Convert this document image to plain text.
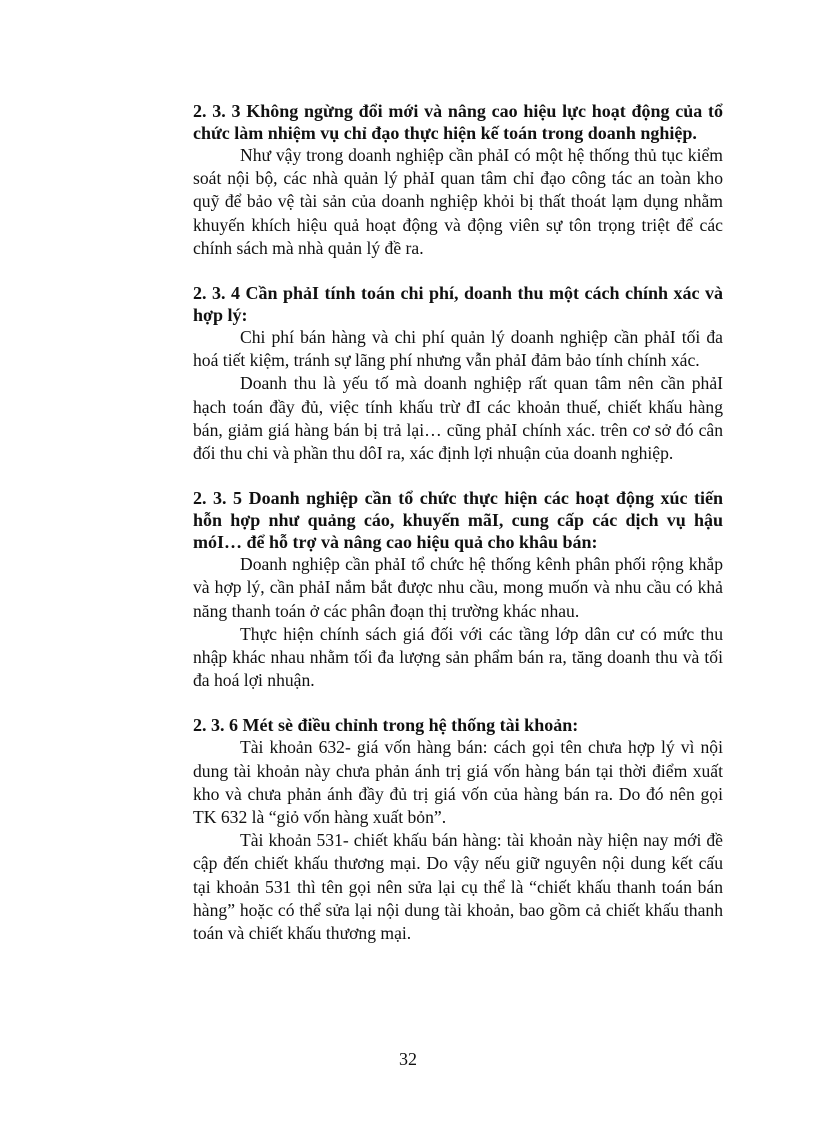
2. 3. 3 Không ngừng đổi mới và nâng cao hiệu lực hoạt động của tổ chức làm nhiệm vụ chỉ đạo thực hiện kế toán trong doanh nghiệp.

Như vậy trong doanh nghiệp cần phảI có một hệ thống thủ tục kiểm soát nội bộ, các nhà quản lý phảI quan tâm chỉ đạo công tác an toàn kho quỹ để bảo vệ tài sản của doanh nghiệp khỏi bị thất thoát lạm dụng nhằm khuyến khích hiệu quả hoạt động và động viên sự tôn trọng triệt để các chính sách mà nhà quản lý đề ra.

2. 3. 4 Cần phảI tính toán chi phí, doanh thu một cách chính xác và hợp lý:

Chi phí bán hàng và chi phí quản lý doanh nghiệp cần phảI tối đa hoá tiết kiệm, tránh sự lãng phí nhưng vẫn phảI đảm bảo tính chính xác.

Doanh thu là yếu tố mà doanh nghiệp rất quan tâm nên cần phảI hạch toán đầy đủ, việc tính khấu trừ đI các khoản thuế, chiết khấu hàng bán, giảm giá hàng bán bị trả lại… cũng phảI chính xác. trên cơ sở đó cân đối thu chi và phần thu dôI ra, xác định lợi nhuận của doanh nghiệp.

2. 3. 5 Doanh nghiệp cần tổ chức thực hiện các hoạt động xúc tiến hỗn hợp như quảng cáo, khuyến mãI, cung cấp các dịch vụ hậu móI… để hỗ trợ và nâng cao hiệu quả cho khâu bán:

Doanh nghiệp cần phảI tổ chức hệ thống kênh phân phối rộng khắp và hợp lý, cần phảI nắm bắt được nhu cầu, mong muốn và nhu cầu có khả năng thanh toán ở các phân đoạn thị trường khác nhau.

Thực hiện chính sách giá đối với các tầng lớp dân cư có mức thu nhập khác nhau nhằm tối đa lượng sản phẩm bán ra, tăng doanh thu và tối đa hoá lợi nhuận.

2. 3. 6 Mét sè điều chỉnh trong hệ thống tài khoản:

Tài khoản 632- giá vốn hàng bán: cách gọi tên chưa hợp lý vì nội dung tài khoản này chưa phản ánh trị giá vốn hàng bán tại thời điểm xuất kho và chưa phản ánh đầy đủ trị giá vốn của hàng bán ra. Do đó nên gọi TK 632 là “giỏ vốn hàng xuất bỏn”.

Tài khoản 531- chiết khấu bán hàng: tài khoản này hiện nay mới đề cập đến chiết khấu thương mại. Do vậy nếu giữ nguyên nội dung kết cấu tại khoản 531 thì tên gọi nên sửa lại cụ thể là “chiết khấu thanh toán bán hàng” hoặc có thể sửa lại nội dung tài khoản, bao gồm cả chiết khấu thanh toán và chiết khấu thương mại.

32
